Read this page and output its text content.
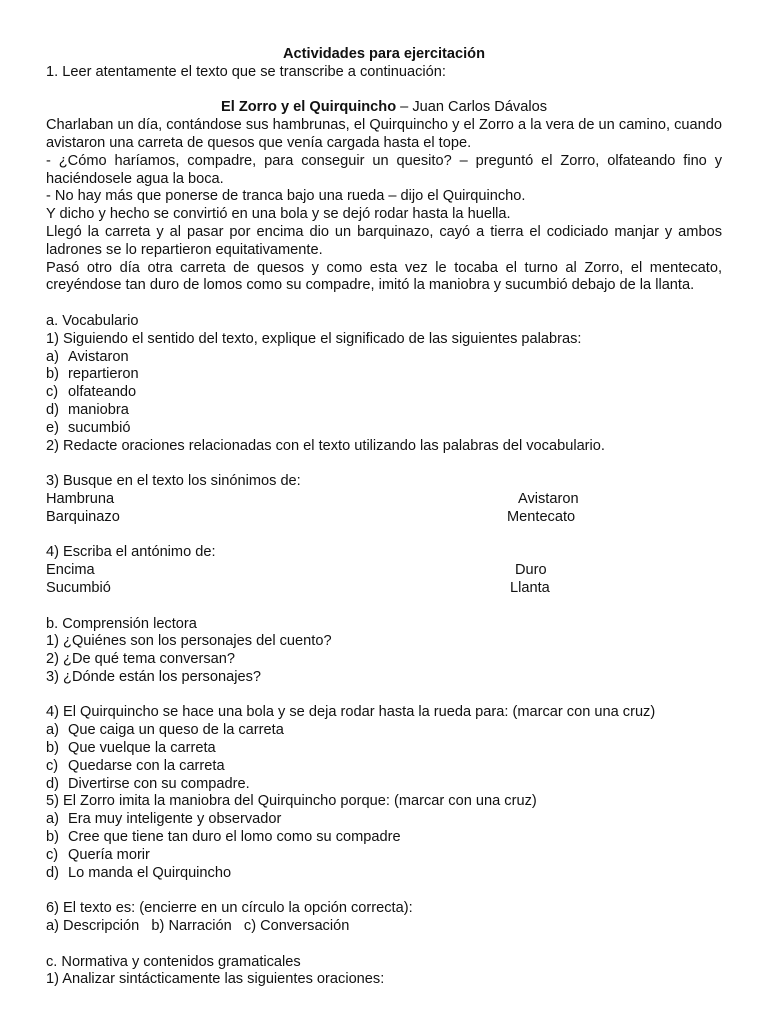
Actividades para ejercitación
1. Leer atentamente el texto que se transcribe a continuación:
El Zorro y el Quirquincho – Juan Carlos Dávalos
Charlaban un día, contándose sus hambrunas, el Quirquincho y el Zorro a la vera de un camino, cuando avistaron una carreta de quesos que venía cargada hasta el tope.
- ¿Cómo haríamos, compadre, para conseguir un quesito? – preguntó el Zorro, olfateando fino y haciéndosele agua la boca.
- No hay más que ponerse de tranca bajo una rueda – dijo el Quirquincho.
Y dicho y hecho se convirtió en una bola y se dejó rodar hasta la huella.
Llegó la carreta y al pasar por encima dio un barquinazo, cayó a tierra el codiciado manjar y ambos ladrones se lo repartieron equitativamente.
Pasó otro día otra carreta de quesos y como esta vez le tocaba el turno al Zorro, el mentecato, creyéndose tan duro de lomos como su compadre, imitó la maniobra y sucumbió debajo de la llanta.
a. Vocabulario
1) Siguiendo el sentido del texto, explique el significado de las siguientes palabras:
a) Avistaron
b) repartieron
c) olfateando
d) maniobra
e) sucumbió
2) Redacte oraciones relacionadas con el texto utilizando las palabras del vocabulario.
3) Busque en el texto los sinónimos de:
Hambruna	Avistaron
Barquinazo	Mentecato
4) Escriba el antónimo de:
Encima	Duro
Sucumbió	Llanta
b. Comprensión lectora
1) ¿Quiénes son los personajes del cuento?
2) ¿De qué tema conversan?
3) ¿Dónde están los personajes?
4) El Quirquincho se hace una bola y se deja rodar hasta la rueda para: (marcar con una cruz)
a) Que caiga un queso de la carreta
b) Que vuelque la carreta
c) Quedarse con la carreta
d) Divertirse con su compadre.
5) El Zorro imita la maniobra del Quirquincho porque: (marcar con una cruz)
a) Era muy inteligente y observador
b) Cree que tiene tan duro el lomo como su compadre
c) Quería morir
d) Lo manda el Quirquincho
6) El texto es: (encierre en un círculo la opción correcta):
a) Descripción   b) Narración   c) Conversación
c. Normativa y contenidos gramaticales
1) Analizar sintácticamente las siguientes oraciones:
